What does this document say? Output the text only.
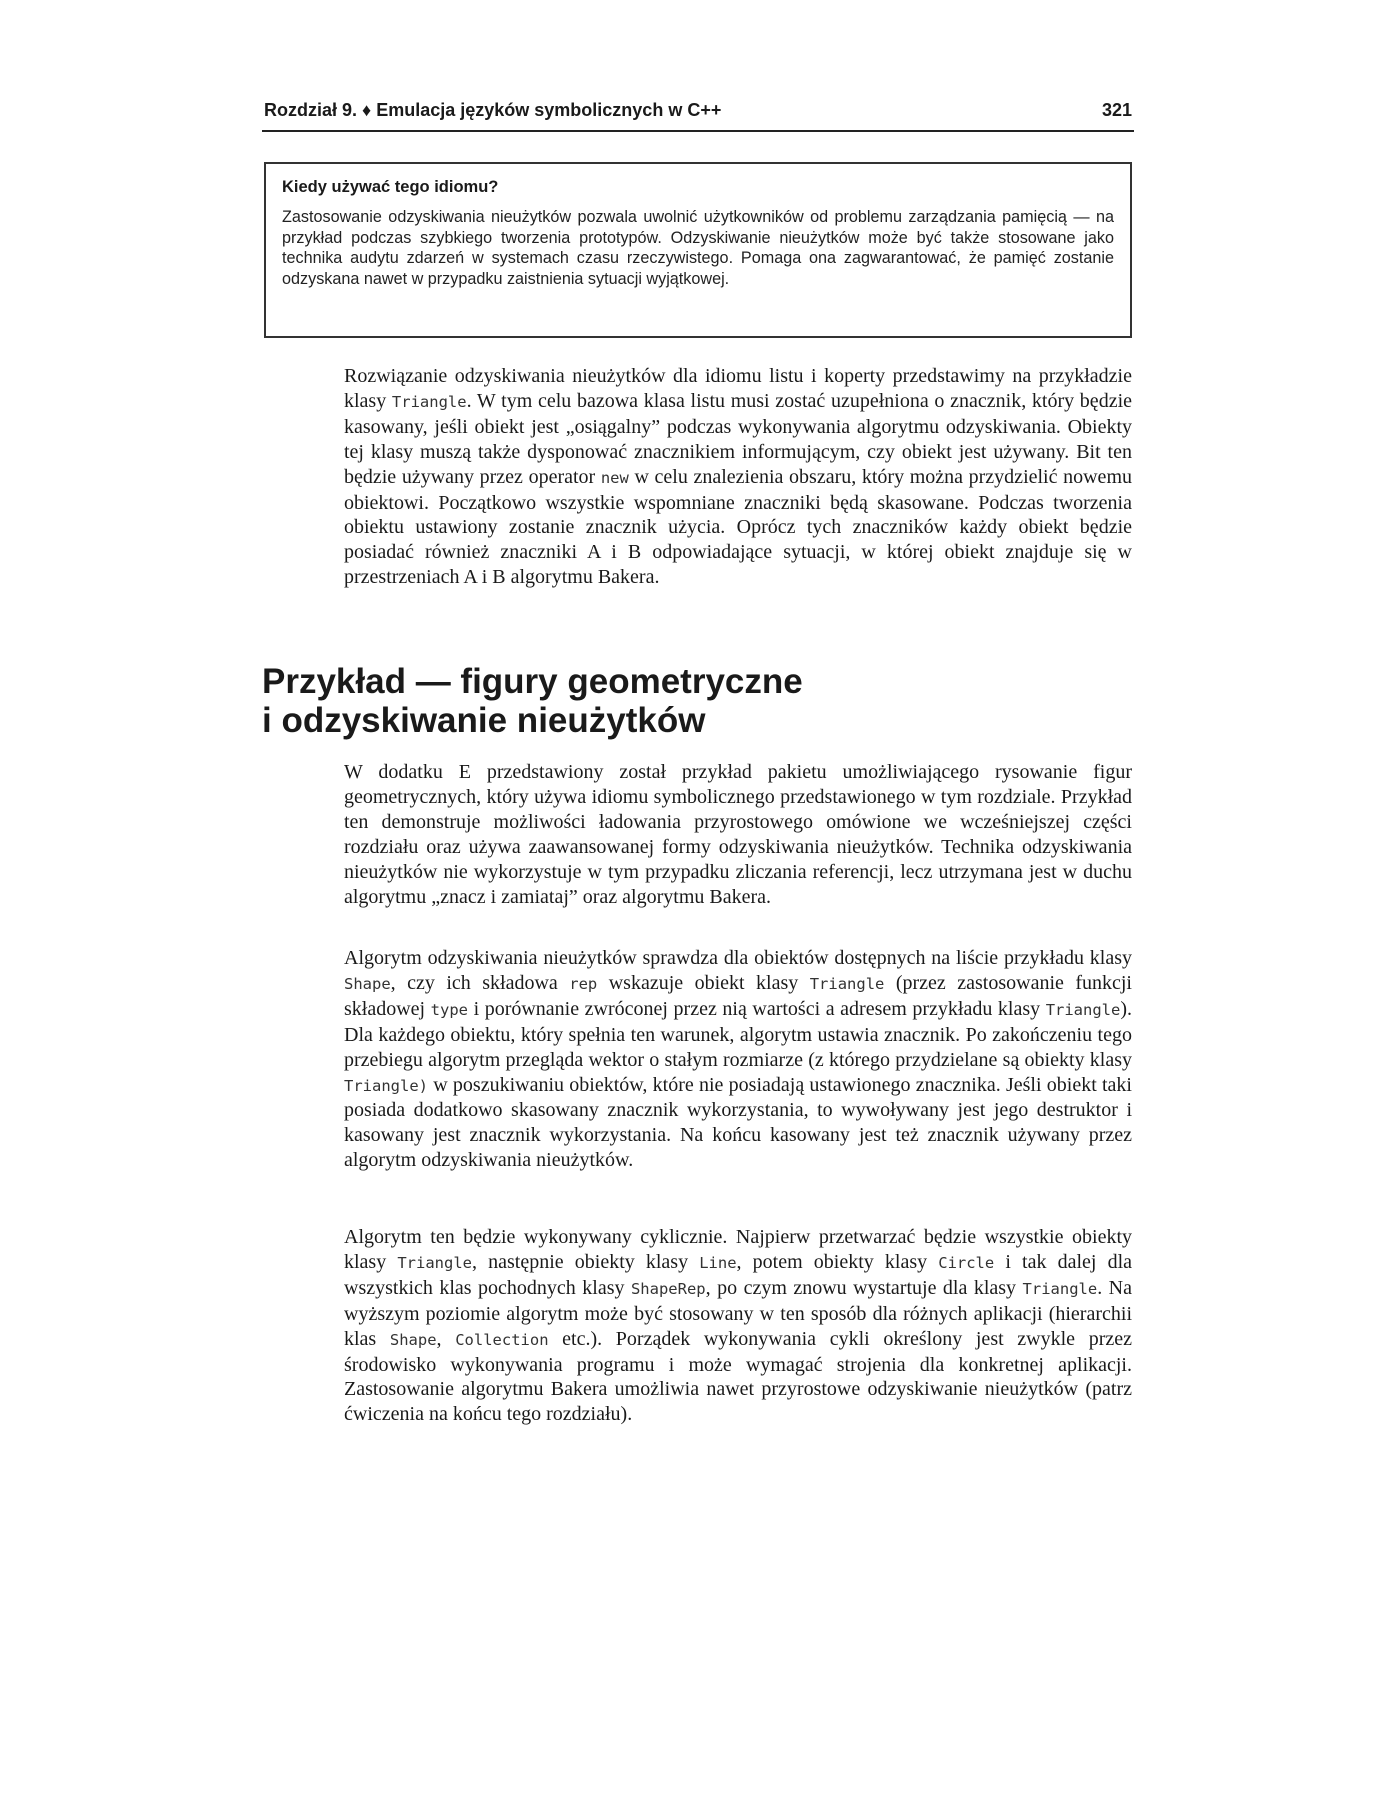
Rozdział 9. ♦ Emulacja języków symbolicznych w C++	321

Kiedy używać tego idiomu?

Zastosowanie odzyskiwania nieużytków pozwala uwolnić użytkowników od problemu zarządzania pamięcią — na przykład podczas szybkiego tworzenia prototypów. Odzyskiwanie nieużytków może być także stosowane jako technika audytu zdarzeń w systemach czasu rzeczywistego. Pomaga ona zagwarantować, że pamięć zostanie odzyskana nawet w przypadku zaistnienia sytuacji wyjątkowej.

Rozwiązanie odzyskiwania nieużytków dla idiomu listu i koperty przedstawimy na przykładzie klasy Triangle. W tym celu bazowa klasa listu musi zostać uzupełniona o znacznik, który będzie kasowany, jeśli obiekt jest „osiągalny” podczas wykonywania algorytmu odzyskiwania. Obiekty tej klasy muszą także dysponować znacznikiem informującym, czy obiekt jest używany. Bit ten będzie używany przez operator new w celu znalezienia obszaru, który można przydzielić nowemu obiektowi. Początkowo wszystkie wspomniane znaczniki będą skasowane. Podczas tworzenia obiektu ustawiony zostanie znacznik użycia. Oprócz tych znaczników każdy obiekt będzie posiadać również znaczniki A i B odpowiadające sytuacji, w której obiekt znajduje się w przestrzeniach A i B algorytmu Bakera.

Przykład — figury geometryczne
i odzyskiwanie nieużytków

W dodatku E przedstawiony został przykład pakietu umożliwiającego rysowanie figur geometrycznych, który używa idiomu symbolicznego przedstawionego w tym rozdziale. Przykład ten demonstruje możliwości ładowania przyrostowego omówione we wcześniejszej części rozdziału oraz używa zaawansowanej formy odzyskiwania nieużytków. Technika odzyskiwania nieużytków nie wykorzystuje w tym przypadku zliczania referencji, lecz utrzymana jest w duchu algorytmu „znacz i zamiataj” oraz algorytmu Bakera.

Algorytm odzyskiwania nieużytków sprawdza dla obiektów dostępnych na liście przykładu klasy Shape, czy ich składowa rep wskazuje obiekt klasy Triangle (przez zastosowanie funkcji składowej type i porównanie zwróconej przez nią wartości a adresem przykładu klasy Triangle). Dla każdego obiektu, który spełnia ten warunek, algorytm ustawia znacznik. Po zakończeniu tego przebiegu algorytm przegląda wektor o stałym rozmiarze (z którego przydzielane są obiekty klasy Triangle) w poszukiwaniu obiektów, które nie posiadają ustawionego znacznika. Jeśli obiekt taki posiada dodatkowo skasowany znacznik wykorzystania, to wywoływany jest jego destruktor i kasowany jest znacznik wykorzystania. Na końcu kasowany jest też znacznik używany przez algorytm odzyskiwania nieużytków.

Algorytm ten będzie wykonywany cyklicznie. Najpierw przetwarzać będzie wszystkie obiekty klasy Triangle, następnie obiekty klasy Line, potem obiekty klasy Circle i tak dalej dla wszystkich klas pochodnych klasy ShapeRep, po czym znowu wystartuje dla klasy Triangle. Na wyższym poziomie algorytm może być stosowany w ten sposób dla różnych aplikacji (hierarchii klas Shape, Collection etc.). Porządek wykonywania cykli określony jest zwykle przez środowisko wykonywania programu i może wymagać strojenia dla konkretnej aplikacji. Zastosowanie algorytmu Bakera umożliwia nawet przyrostowe odzyskiwanie nieużytków (patrz ćwiczenia na końcu tego rozdziału).
